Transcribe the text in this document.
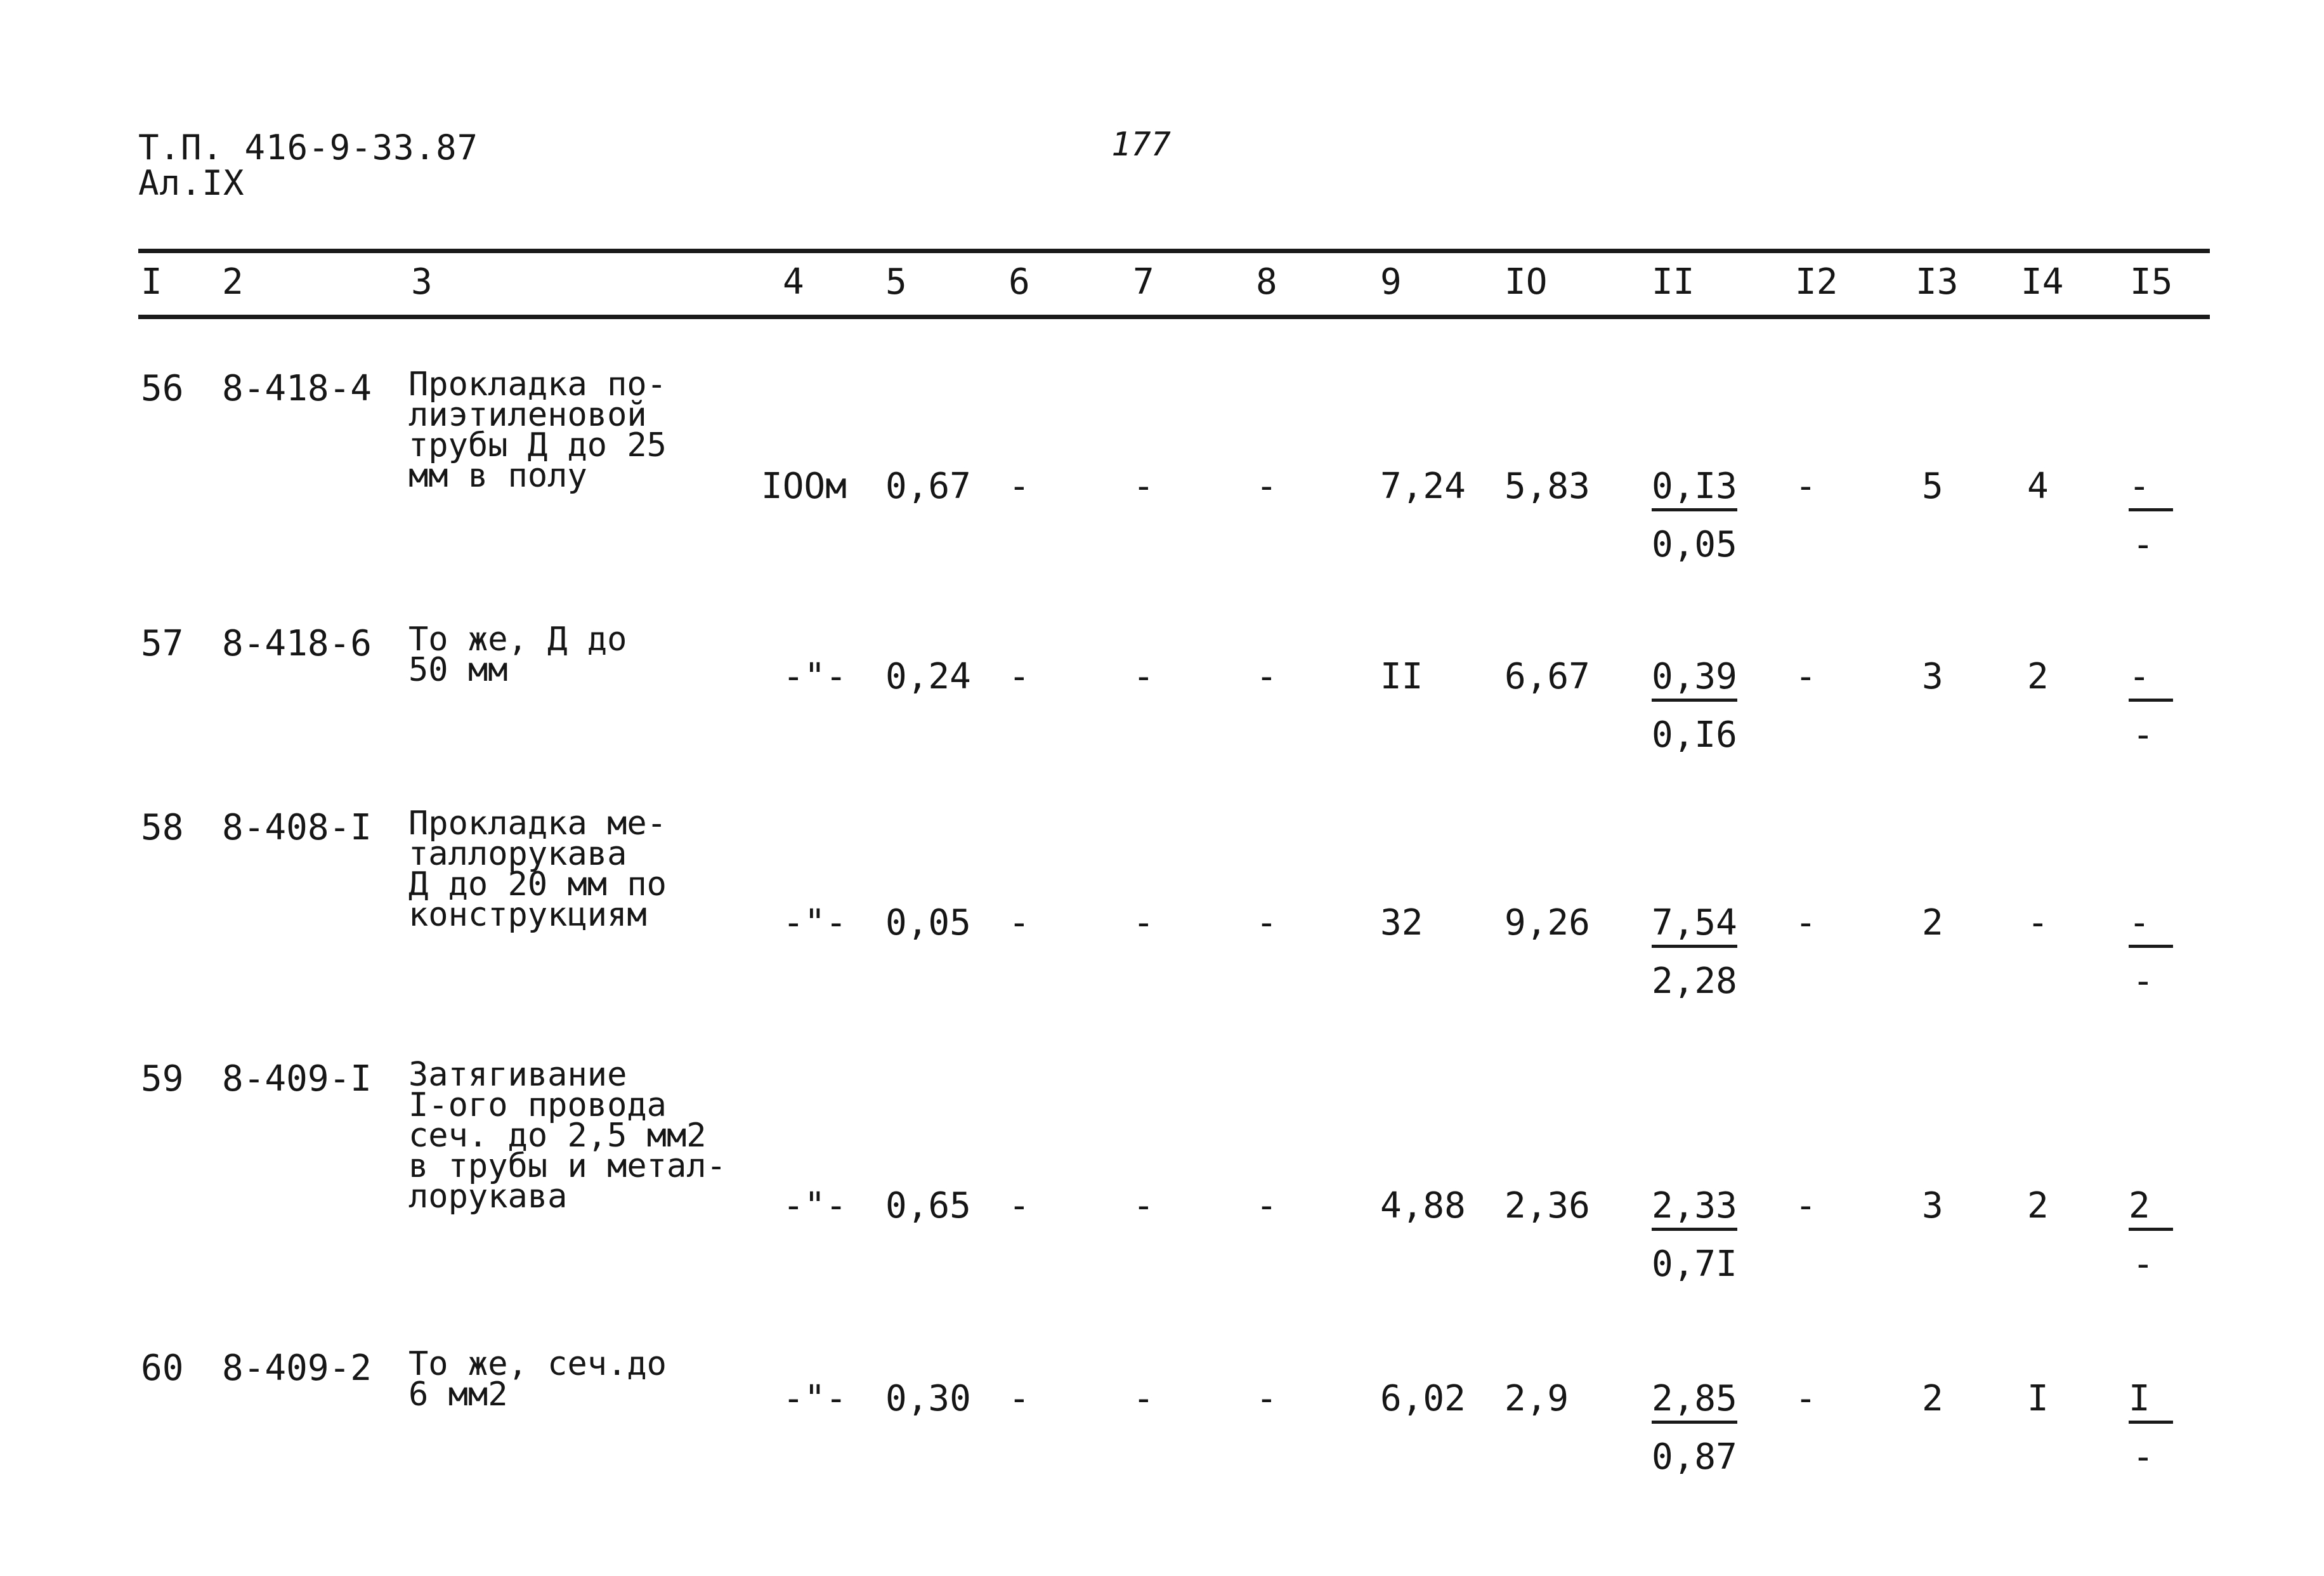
Т.П. 416-9-33.87
Ал.IX
177
I 2	3	4 5	6	7	8	9	IO	II	I2 I3 I4 I5
56 8-418-4 Прокладка по-
лиэтиленовой
трубы Д до 25
мм в полу	IOOм 0,67 -	-	-	7,24 $5,83 \frac{0,I3}{0,05}$ -	5 4 -
-
57 8-418-6 То же, Д до
50 мм	-"- 0,24 -	-	-	II $6,67 \frac{0,39}{0,I6}$ -	3 2 -
-
58 8-408-I Прокладка ме-
таллорукава
Д до 20 мм по
конструкциям	-"- 0,05 -	-	-	32 $9,26 \frac{7,54}{2,28}$ -	2 - -
-
59 8-409-I Затягивание
I-ого провода
сеч. до 2,5 мм2
в трубы и метал-
лорукава	-"- 0,65 -	-	-	4,88 $2,36 \frac{2,33}{0,7I}$ -	3 2 2
-
60 8-409-2 То же, сеч.до
6 мм2	-"- 0,30 -	-	-	6,02 $2,9 \frac{2,85}{0,87}$ -	2 I I
-
